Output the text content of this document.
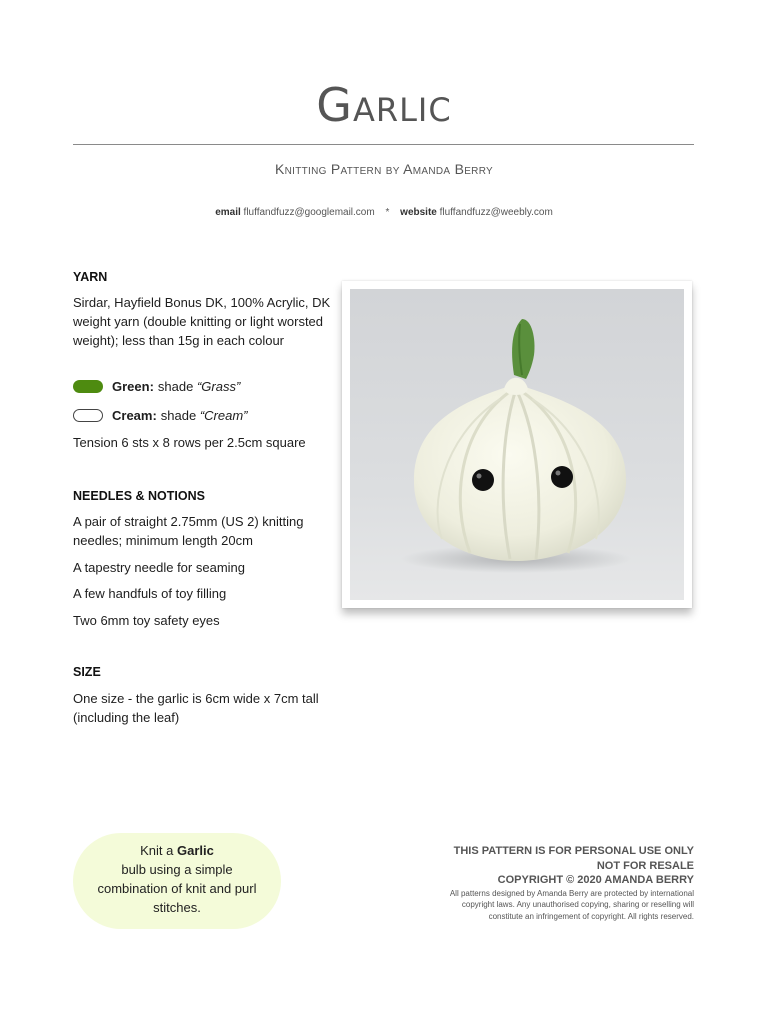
Garlic
Knitting Pattern by Amanda Berry
email fluffandfuzz@googlemail.com * website fluffandfuzz@weebly.com
YARN
Sirdar, Hayfield Bonus DK, 100% Acrylic, DK weight yarn (double knitting or light worsted weight); less than 15g in each colour
Green: shade
“Grass”
Cream: shade
“Cream”
Tension 6 sts x 8 rows per 2.5cm square
NEEDLES & NOTIONS
A pair of straight 2.75mm (US 2) knitting needles; minimum length 20cm
A tapestry needle for seaming
A few handfuls of toy filling
Two 6mm toy safety eyes
SIZE
One size - the garlic is 6cm wide x 7cm tall (including the leaf)
Knit a Garlic
bulb using a simple
combination of knit and purl
stitches.
THIS PATTERN IS FOR PERSONAL USE ONLY
NOT FOR RESALE
COPYRIGHT © 2020 AMANDA BERRY
All patterns designed by Amanda Berry are protected by international
copyright laws. Any unauthorised copying, sharing or reselling will
constitute an infringement of copyright. All rights reserved.
